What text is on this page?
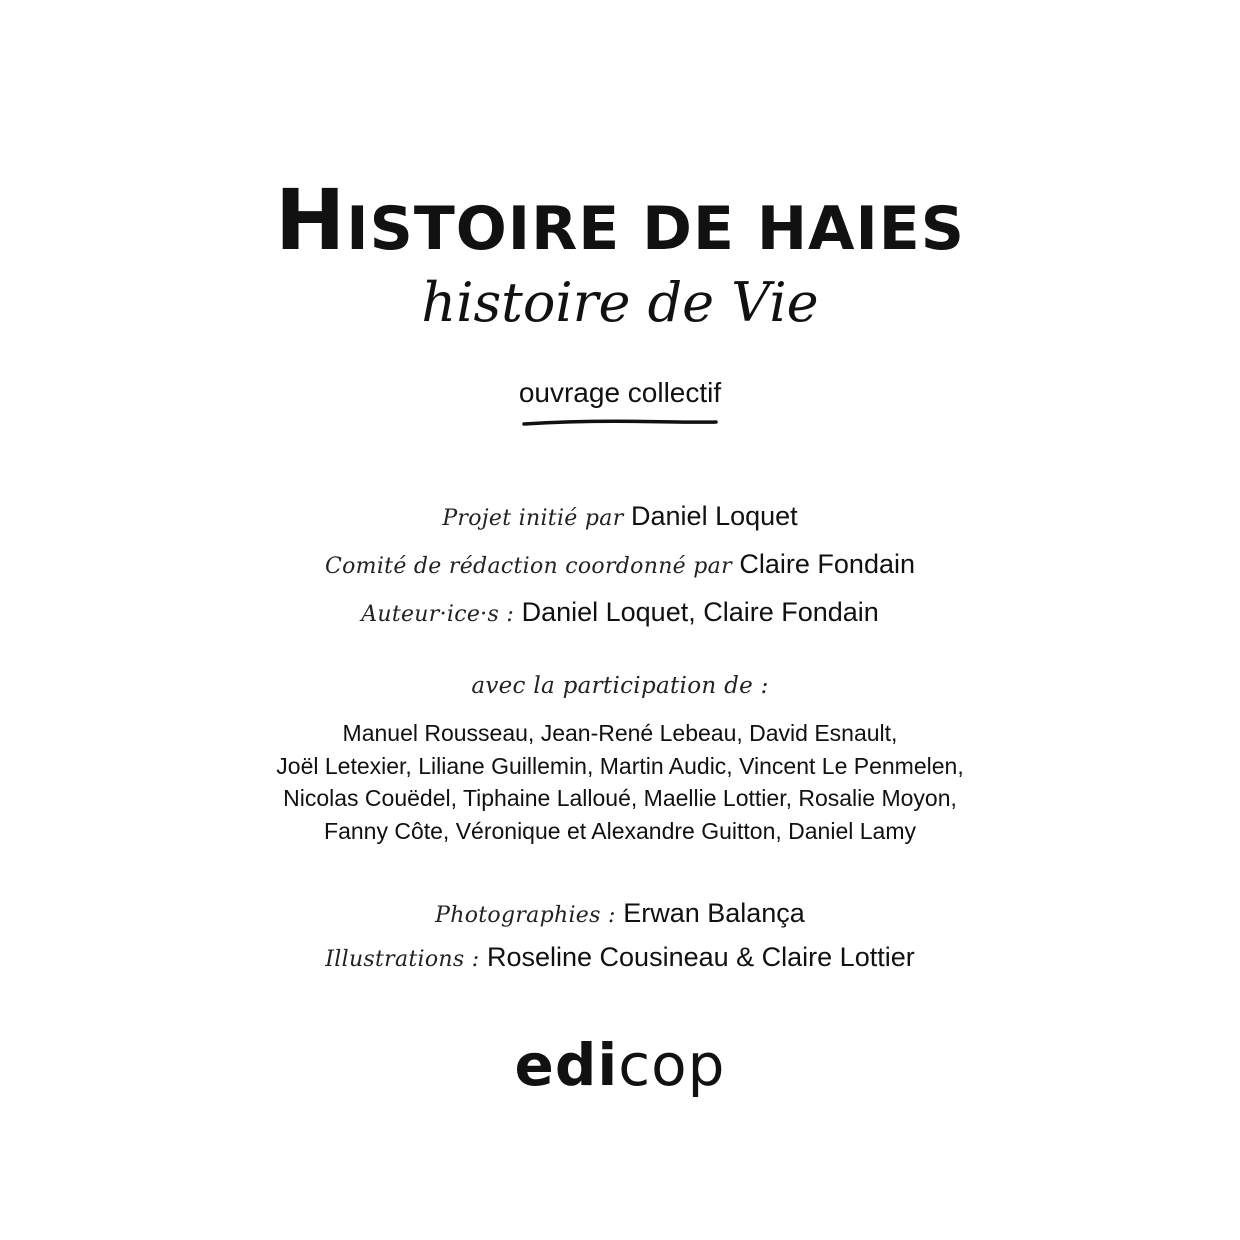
HISTOIRE DE HAIES
histoire de Vie
ouvrage collectif
Projet initié par Daniel Loquet
Comité de rédaction coordonné par Claire Fondain
Auteur·ice·s : Daniel Loquet, Claire Fondain
avec la participation de :
Manuel Rousseau, Jean-René Lebeau, David Esnault,
Joël Letexier, Liliane Guillemin, Martin Audic, Vincent Le Penmelen,
Nicolas Couëdel, Tiphaine Lalloué, Maellie Lottier, Rosalie Moyon,
Fanny Côte, Véronique et Alexandre Guitton, Daniel Lamy
Photographies : Erwan Balança
Illustrations : Roseline Cousineau & Claire Lottier
edicop
